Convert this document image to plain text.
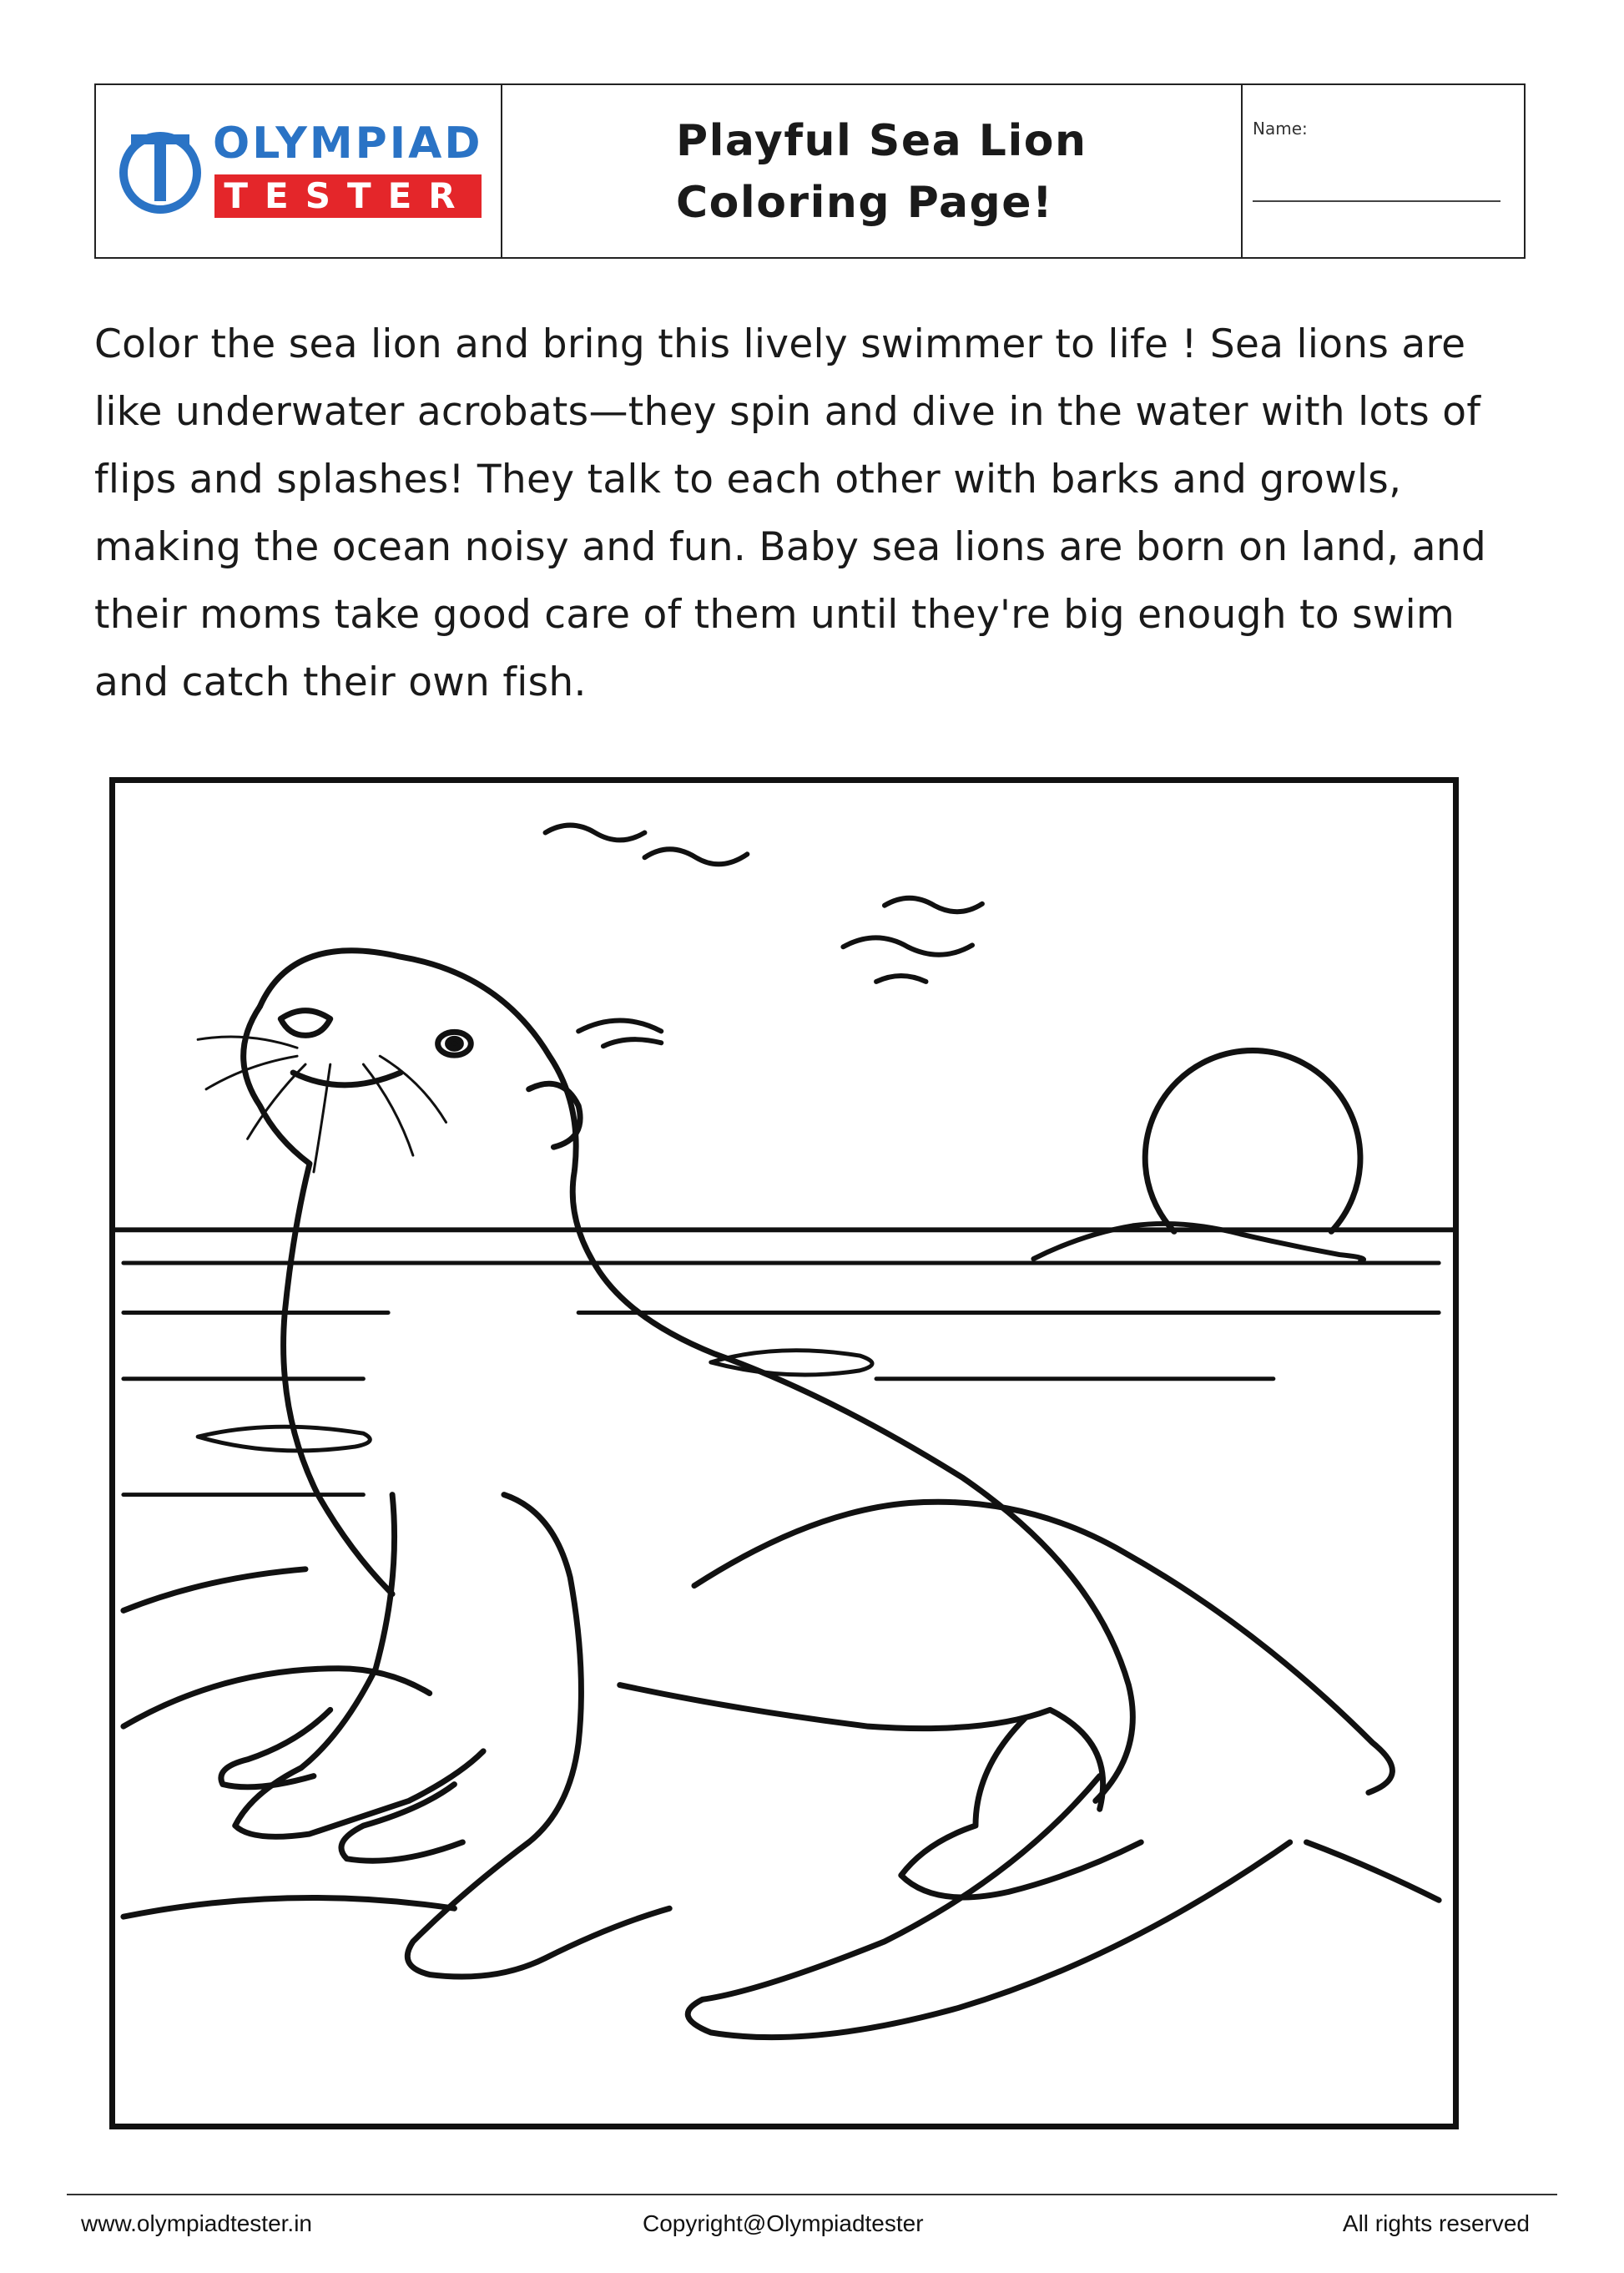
OLYMPIAD
TESTER
Playful Sea Lion
Coloring Page!
Name:
Color the sea lion and bring this lively swimmer to life ! Sea lions are like underwater acrobats—they spin and dive in the water with lots of flips and splashes! They talk to each other with barks and growls, making the ocean noisy and fun. Baby sea lions are born on land, and their moms take good care of them until they're big enough to swim and catch their own fish.
www.olympiadtester.in	Copyright@Olympiadtester	All rights reserved
